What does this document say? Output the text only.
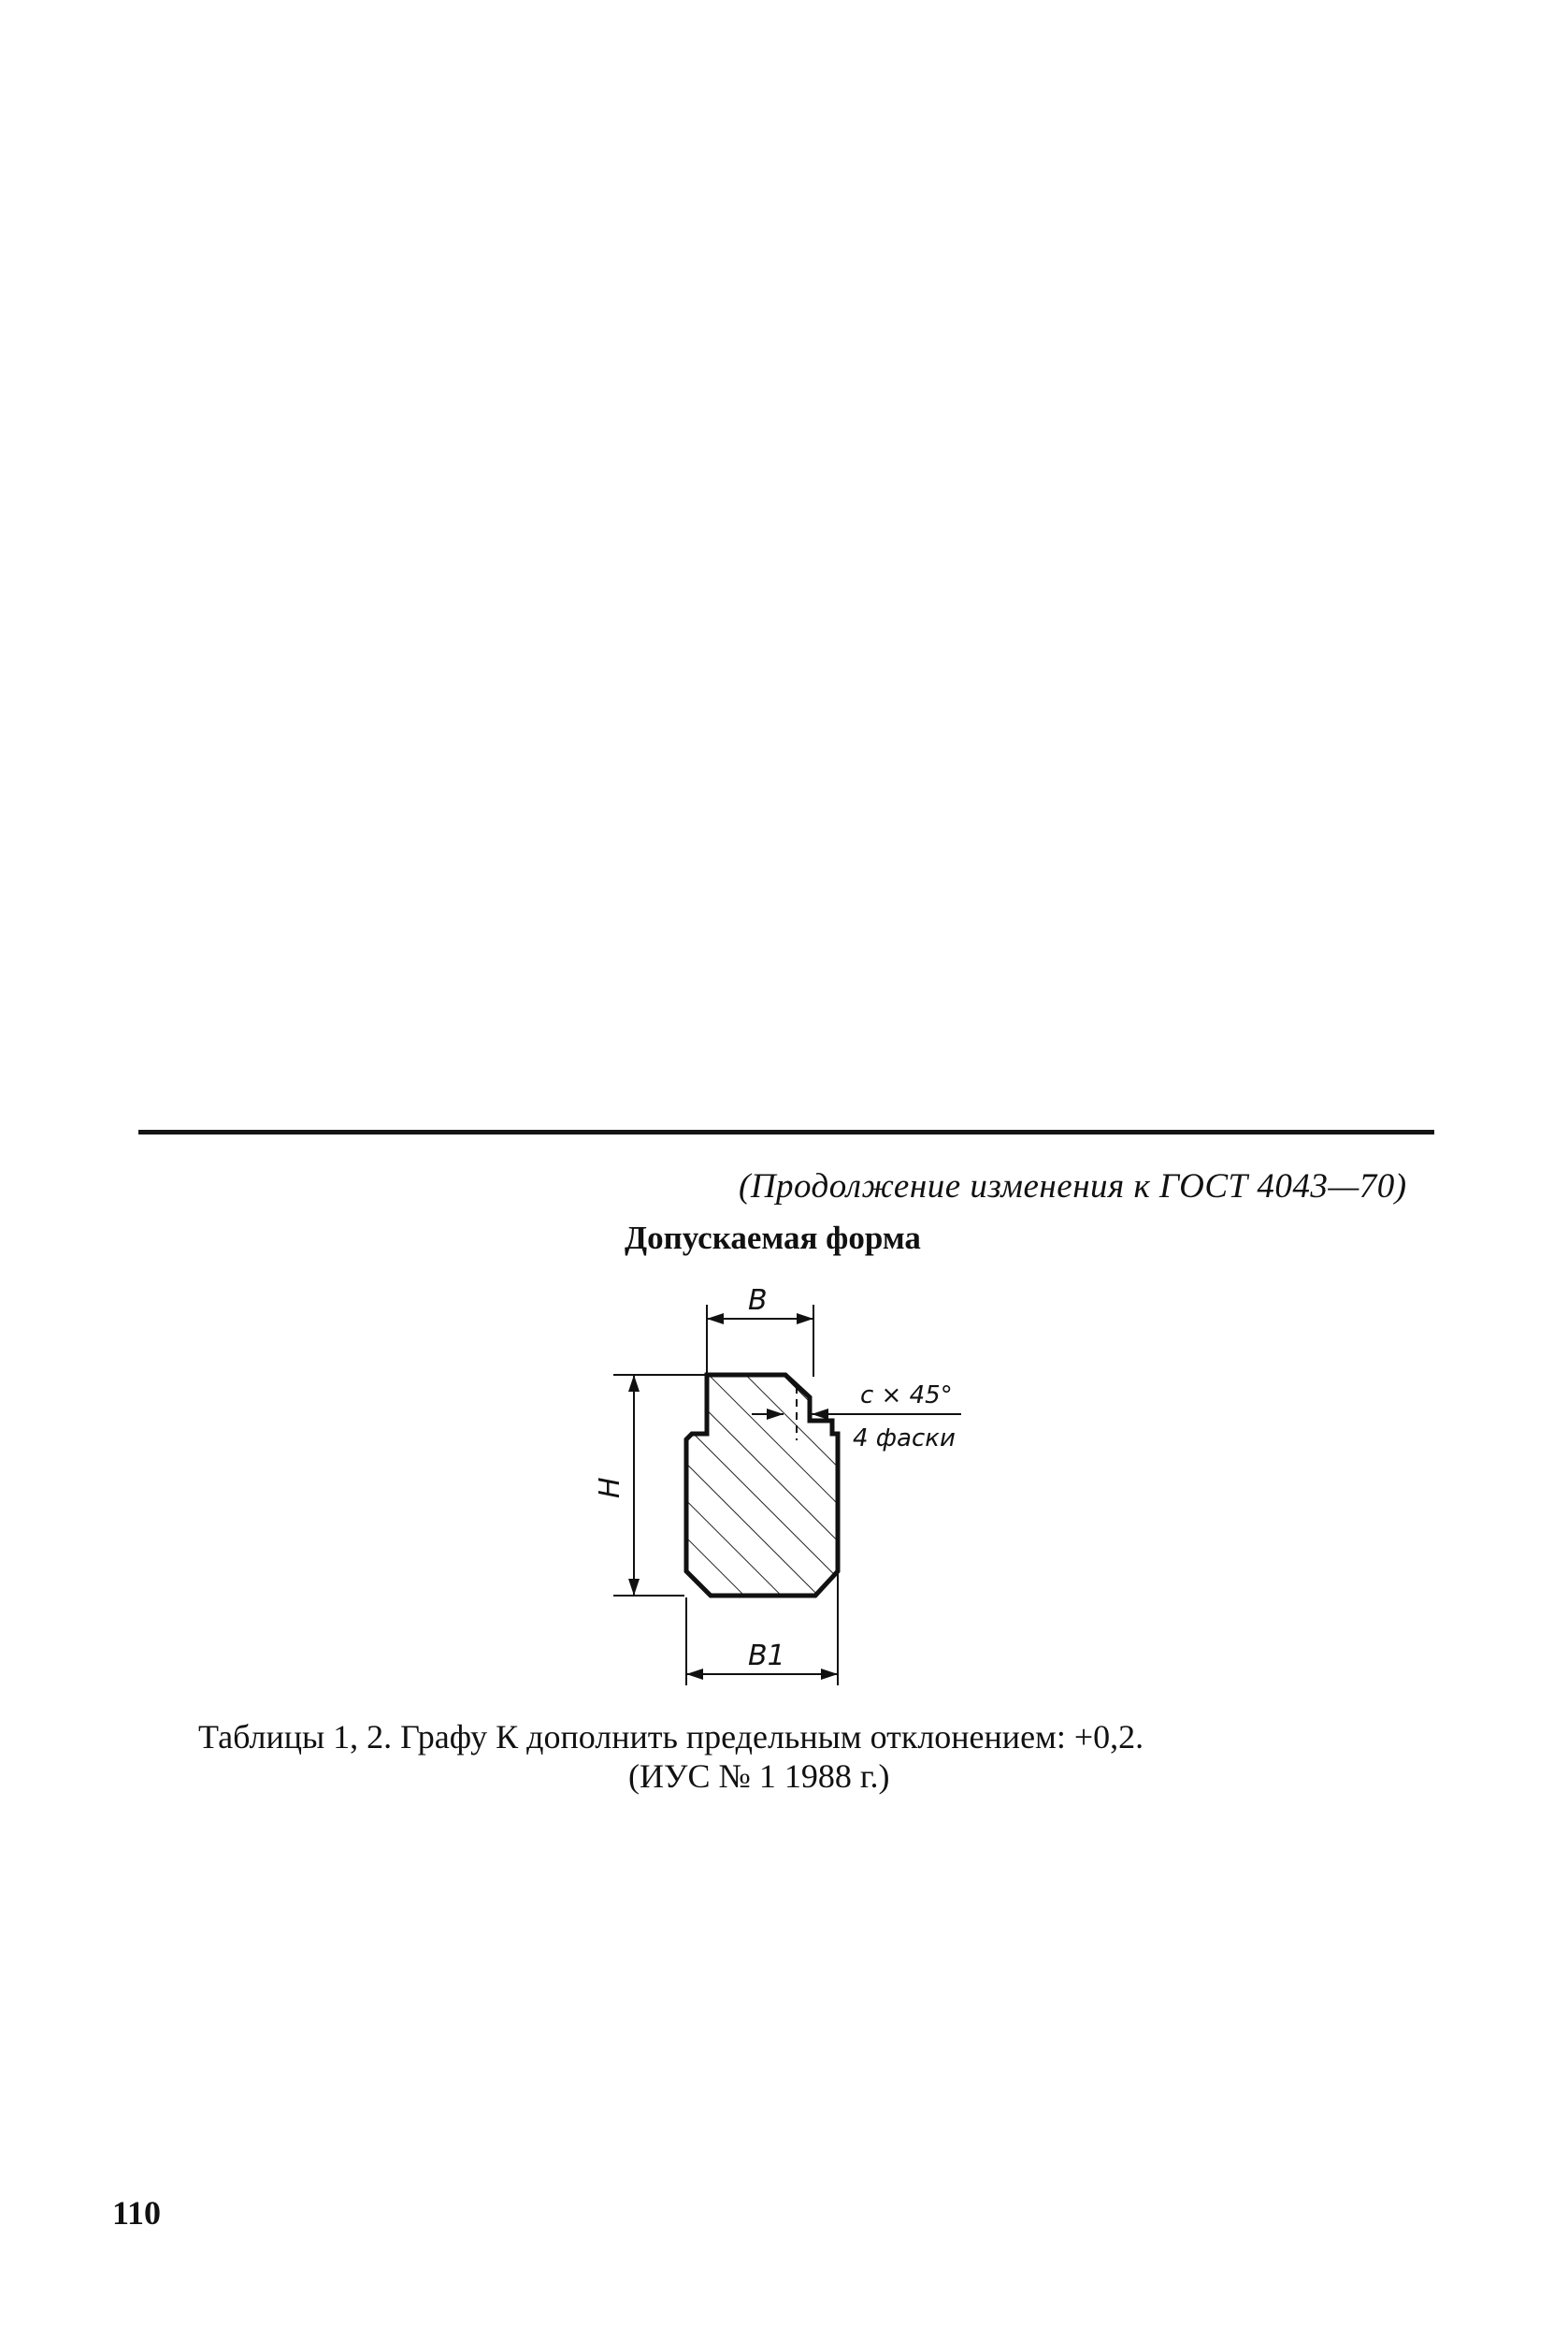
(Продолжение изменения к ГОСТ 4043—70)
Допускаемая форма
В
Н
В1
с × 45°
4 фаски
Таблицы 1, 2. Графу К дополнить предельным отклонением: +0,2.
(ИУС № 1 1988 г.)
110
